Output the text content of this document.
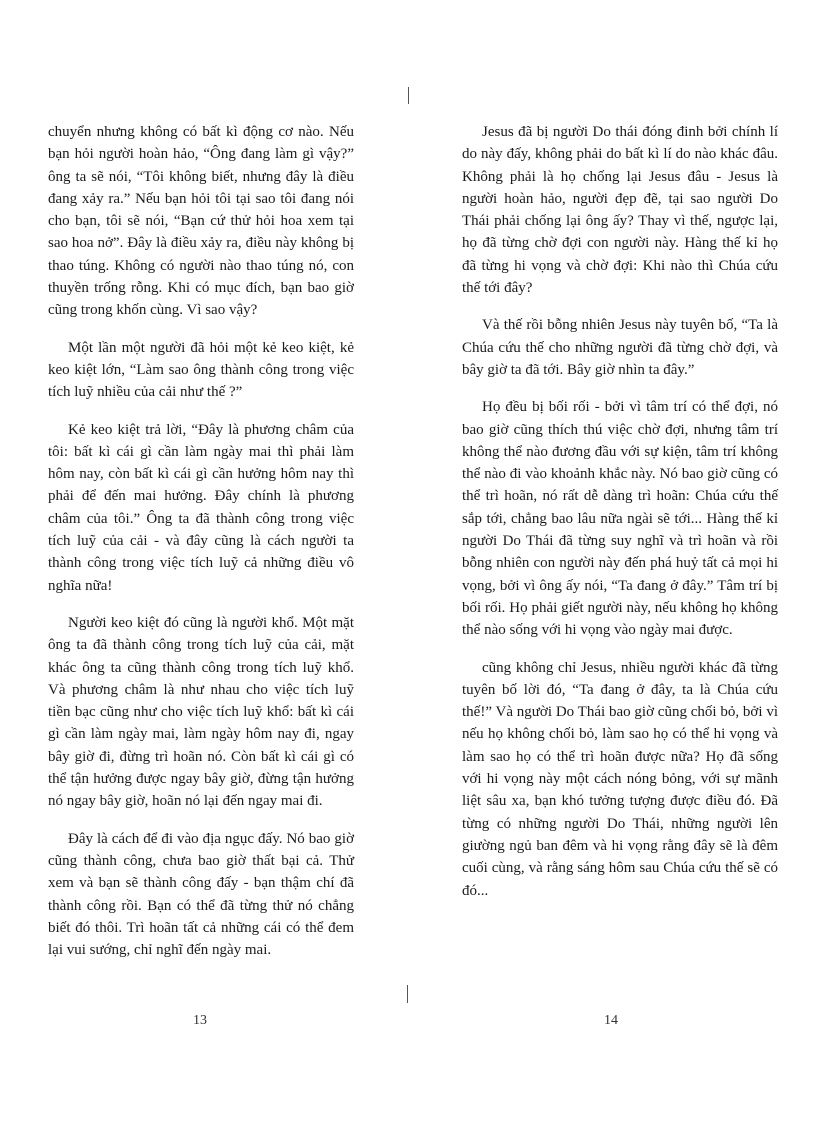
chuyển nhưng không có bất kì động cơ nào. Nếu bạn hỏi người hoàn hảo, “Ông đang làm gì vậy?” ông ta sẽ nói, “Tôi không biết, nhưng đây là điều đang xảy ra.” Nếu bạn hỏi tôi tại sao tôi đang nói cho bạn, tôi sẽ nói, “Bạn cứ thử hỏi hoa xem tại sao hoa nở”. Đây là điều xảy ra, điều này không bị thao túng. Không có người nào thao túng nó, con thuyền trống rỗng. Khi có mục đích, bạn bao giờ cũng trong khốn cùng. Vì sao vậy?

Một lần một người đã hỏi một kẻ keo kiệt, kẻ keo kiệt lớn, “Làm sao ông thành công trong việc tích luỹ nhiều của cải như thế ?”

Kẻ keo kiệt trả lời, “Đây là phương châm của tôi: bất kì cái gì cần làm ngày mai thì phải làm hôm nay, còn bất kì cái gì cần hưởng hôm nay thì phải để đến mai hưởng. Đây chính là phương châm của tôi.” Ông ta đã thành công trong việc tích luỹ của cải - và đây cũng là cách người ta thành công trong việc tích luỹ cả những điều vô nghĩa nữa!

Người keo kiệt đó cũng là người khổ. Một mặt ông ta đã thành công trong tích luỹ của cải, mặt khác ông ta cũng thành công trong tích luỹ khổ. Và phương châm là như nhau cho việc tích luỹ tiền bạc cũng như cho việc tích luỹ khổ: bất kì cái gì cần làm ngày mai, làm ngày hôm nay đi, ngay bây giờ đi, đừng trì hoãn nó. Còn bất kì cái gì có thể tận hưởng được ngay bây giờ, đừng tận hưởng nó ngay bây giờ, hoãn nó lại đến ngay mai đi.

Đây là cách để đi vào địa ngục đấy. Nó bao giờ cũng thành công, chưa bao giờ thất bại cả. Thử xem và bạn sẽ thành công đấy - bạn thậm chí đã thành công rồi. Bạn có thể đã từng thử nó chẳng biết đó thôi. Trì hoãn tất cả những cái có thể đem lại vui sướng, chỉ nghĩ đến ngày mai.

Jesus đã bị người Do thái đóng đinh bởi chính lí do này đấy, không phải do bất kì lí do nào khác đâu. Không phải là họ chống lại Jesus đâu - Jesus là người hoàn hảo, người đẹp đẽ, tại sao người Do Thái phải chống lại ông ấy? Thay vì thế, ngược lại, họ đã từng chờ đợi con người này. Hàng thế kỉ họ đã từng hi vọng và chờ đợi: Khi nào thì Chúa cứu thế tới đây?

Và thế rồi bỗng nhiên Jesus này tuyên bố, “Ta là Chúa cứu thế cho những người đã từng chờ đợi, và bây giờ ta đã tới. Bây giờ nhìn ta đây.”

Họ đều bị bối rối - bởi vì tâm trí có thể đợi, nó bao giờ cũng thích thú việc chờ đợi, nhưng tâm trí không thể nào đương đầu với sự kiện, tâm trí không thể nào đi vào khoảnh khắc này. Nó bao giờ cũng có thể trì hoãn, nó rất dễ dàng trì hoãn: Chúa cứu thế sắp tới, chẳng bao lâu nữa ngài sẽ tới... Hàng thế kỉ người Do Thái đã từng suy nghĩ và trì hoãn và rồi bỗng nhiên con người này đến phá huỷ tất cả mọi hi vọng, bởi vì ông ấy nói, “Ta đang ở đây.” Tâm trí bị bối rối. Họ phải giết người này, nếu không họ không thể nào sống với hi vọng vào ngày mai được.

cũng không chỉ Jesus, nhiều người khác đã từng tuyên bố lời đó, “Ta đang ở đây, ta là Chúa cứu thế!” Và người Do Thái bao giờ cũng chối bỏ, bởi vì nếu họ không chối bỏ, làm sao họ có thể hi vọng và làm sao họ có thể trì hoãn được nữa? Họ đã sống với hi vọng này một cách nóng bỏng, với sự mãnh liệt sâu xa, bạn khó tưởng tượng được điều đó. Đã từng có những người Do Thái, những người lên giường ngủ ban đêm và hi vọng rằng đây sẽ là đêm cuối cùng, và rằng sáng hôm sau Chúa cứu thế sẽ có đó...

13	14
